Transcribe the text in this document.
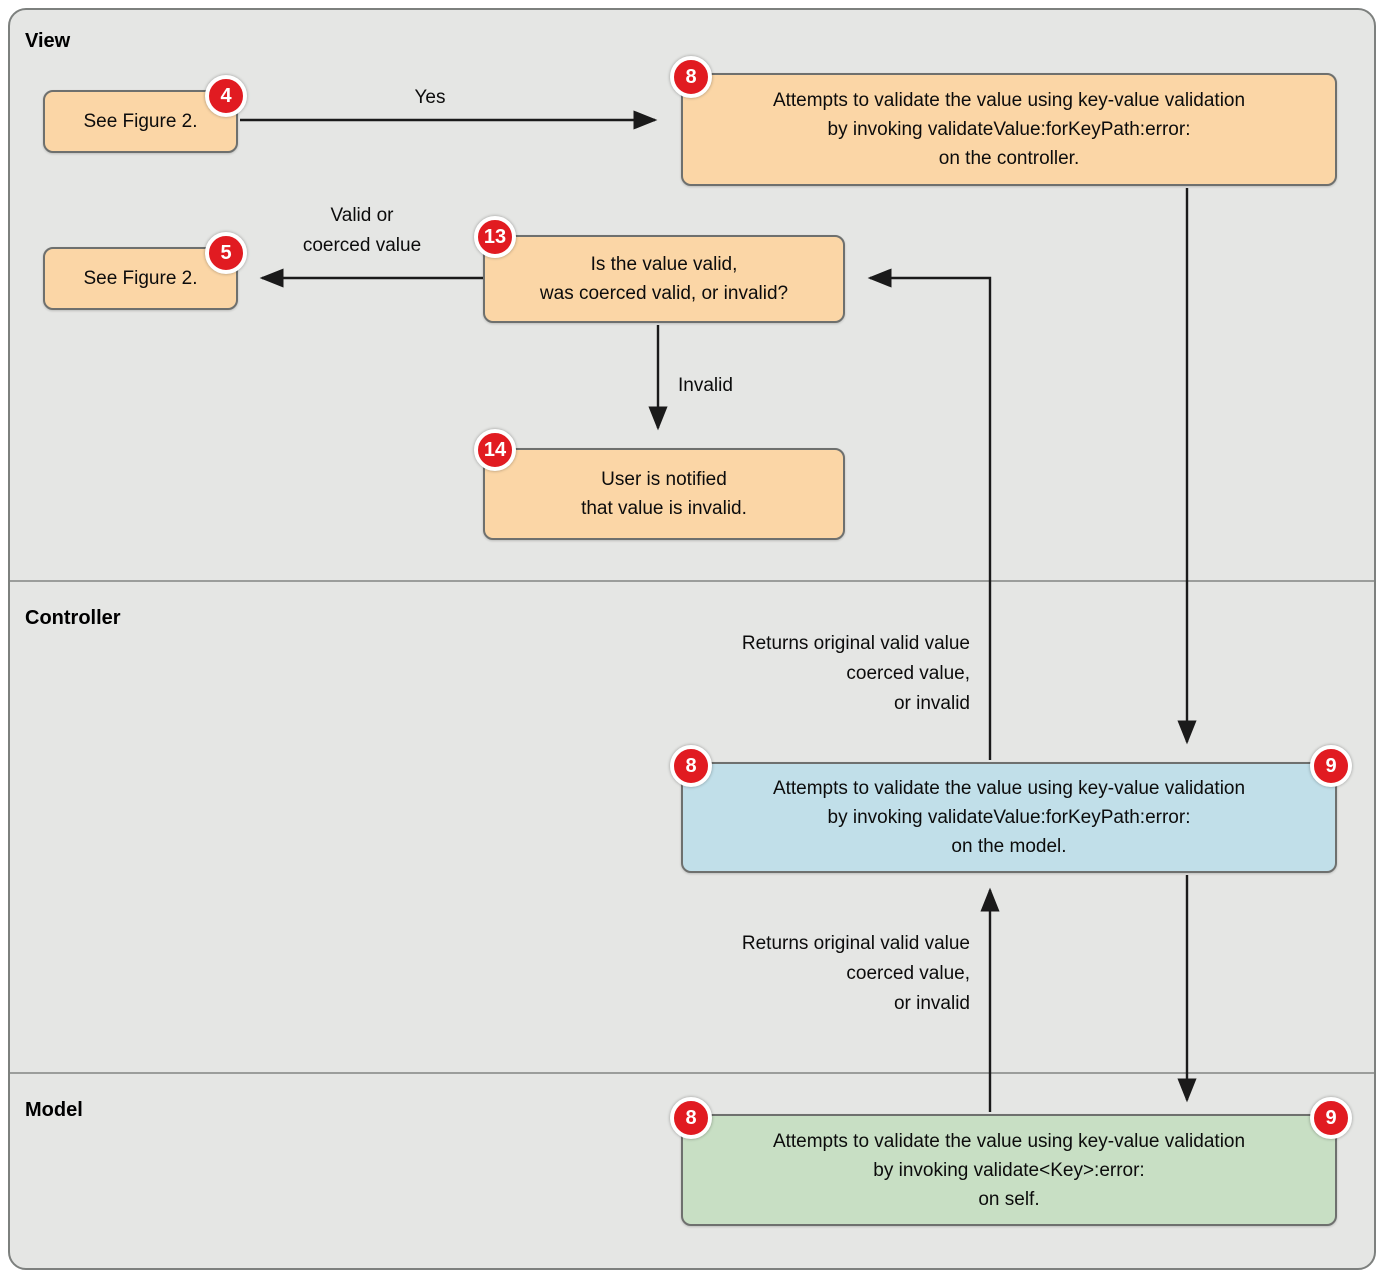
View
Controller
Model
Yes
Valid or
coerced value
Invalid
Returns original valid value
coerced value,
or invalid
Returns original valid value
coerced value,
or invalid
See Figure 2.
4	Attempts to validate the value using key-value validation
by invoking validateValue:forKeyPath:error:
on the controller.
8
See Figure 2.
5
Is the value valid,
was coerced valid, or invalid?
13
User is notified
that value is invalid.
14
Attempts to validate the value using key-value validation
by invoking validateValue:forKeyPath:error:
on the model.
8	9
Attempts to validate the value using key-value validation
by invoking validate<Key>:error:
on self.
8	9
